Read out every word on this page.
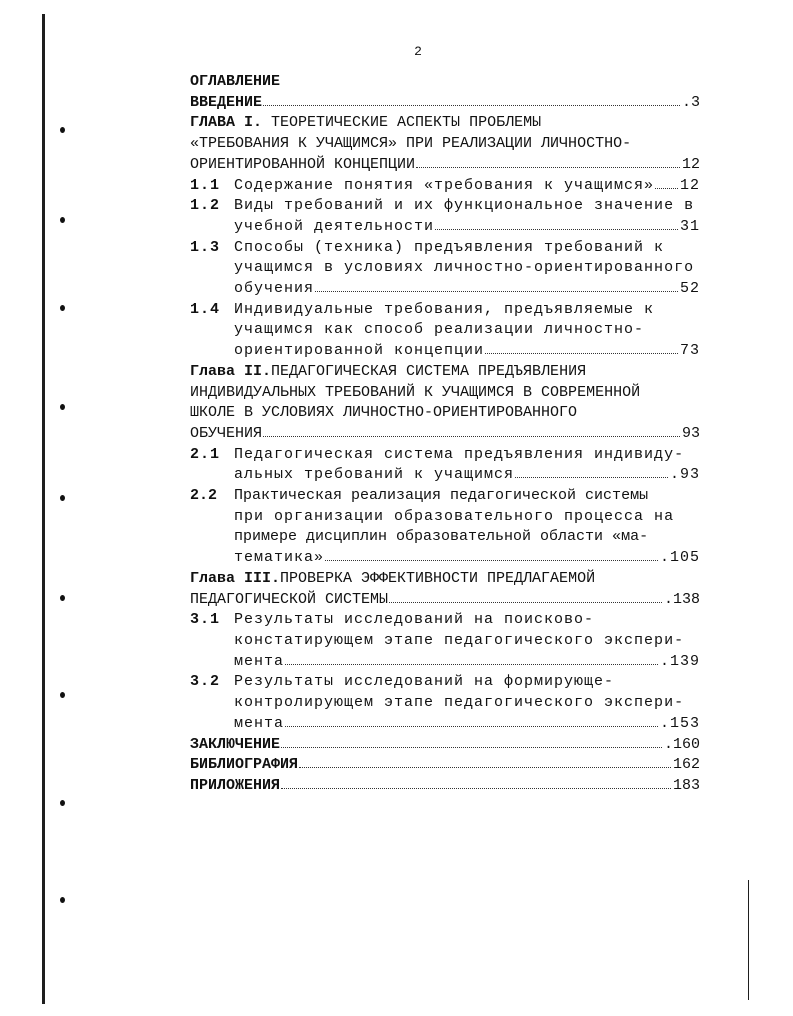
2
ОГЛАВЛЕНИЕ
ВВЕДЕНИЕ	.3
ГЛАВА I.
ТЕОРЕТИЧЕСКИЕ АСПЕКТЫ ПРОБЛЕМЫ
«ТРЕБОВАНИЯ К УЧАЩИМСЯ» ПРИ РЕАЛИЗАЦИИ ЛИЧНОСТНО-
ОРИЕНТИРОВАННОЙ КОНЦЕПЦИИ	12
1.1 Содержание понятия «требования к учащимся» 12
1.2 Виды требований и их функциональное значение в
учебной деятельности	31
1.3 Способы (техника) предъявления требований к
учащимся в условиях личностно-ориентированного
обучения	52
1.4 Индивидуальные требования, предъявляемые к
учащимся как способ реализации личностно-
ориентированной концепции	73
Глава II. ПЕДАГОГИЧЕСКАЯ СИСТЕМА ПРЕДЪЯВЛЕНИЯ
ИНДИВИДУАЛЬНЫХ ТРЕБОВАНИЙ К УЧАЩИМСЯ В СОВРЕМЕННОЙ
ШКОЛЕ В УСЛОВИЯХ ЛИЧНОСТНО-ОРИЕНТИРОВАННОГО
ОБУЧЕНИЯ	93
2.1 Педагогическая система предъявления индивиду-
альных требований к учащимся	.93
2.2	Практическая реализация педагогической системы
при организации образовательного процесса на
примере дисциплин образовательной области «ма-
тематика»	.105
Глава III. ПРОВЕРКА ЭФФЕКТИВНОСТИ ПРЕДЛАГАЕМОЙ
ПЕДАГОГИЧЕСКОЙ СИСТЕМЫ	.138
3.1 Результаты исследований на поисково-
констатирующем этапе педагогического экспери-
мента	.139
3.2 Результаты исследований на формирующе-
контролирующем этапе педагогического экспери-
мента	.153
ЗАКЛЮЧЕНИЕ	.160
БИБЛИОГРАФИЯ	162
ПРИЛОЖЕНИЯ	183
